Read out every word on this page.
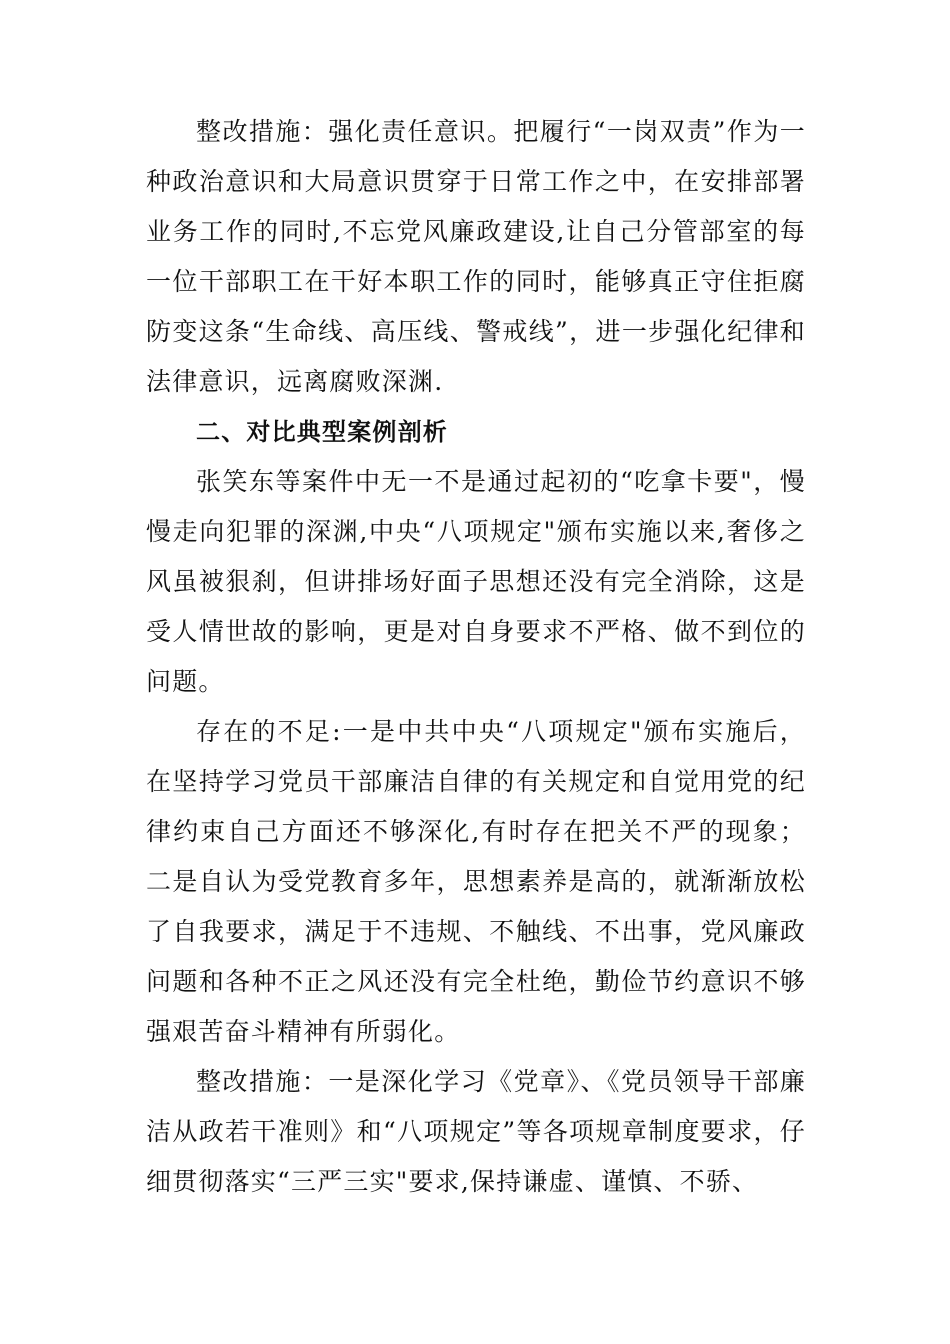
整改措施：强化责任意识。把履行“一岗双责”作为一种政治意识和大局意识贯穿于日常工作之中，在安排部署业务工作的同时,不忘党风廉政建设,让自己分管部室的每一位干部职工在干好本职工作的同时，能够真正守住拒腐防变这条“生命线、高压线、警戒线”，进一步强化纪律和法律意识，远离腐败深渊.

二、对比典型案例剖析

张笑东等案件中无一不是通过起初的“吃拿卡要"，慢慢走向犯罪的深渊,中央“八项规定"颁布实施以来,奢侈之风虽被狠刹，但讲排场好面子思想还没有完全消除，这是受人情世故的影响，更是对自身要求不严格、做不到位的问题。

存在的不足:一是中共中央“八项规定"颁布实施后，在坚持学习党员干部廉洁自律的有关规定和自觉用党的纪律约束自己方面还不够深化,有时存在把关不严的现象；二是自认为受党教育多年，思想素养是高的，就渐渐放松了自我要求，满足于不违规、不触线、不出事，党风廉政问题和各种不正之风还没有完全杜绝，勤俭节约意识不够强艰苦奋斗精神有所弱化。

整改措施：一是深化学习《党章》、《党员领导干部廉洁从政若干准则》和“八项规定”等各项规章制度要求，仔细贯彻落实“三严三实"要求,保持谦虚、谨慎、不骄、
